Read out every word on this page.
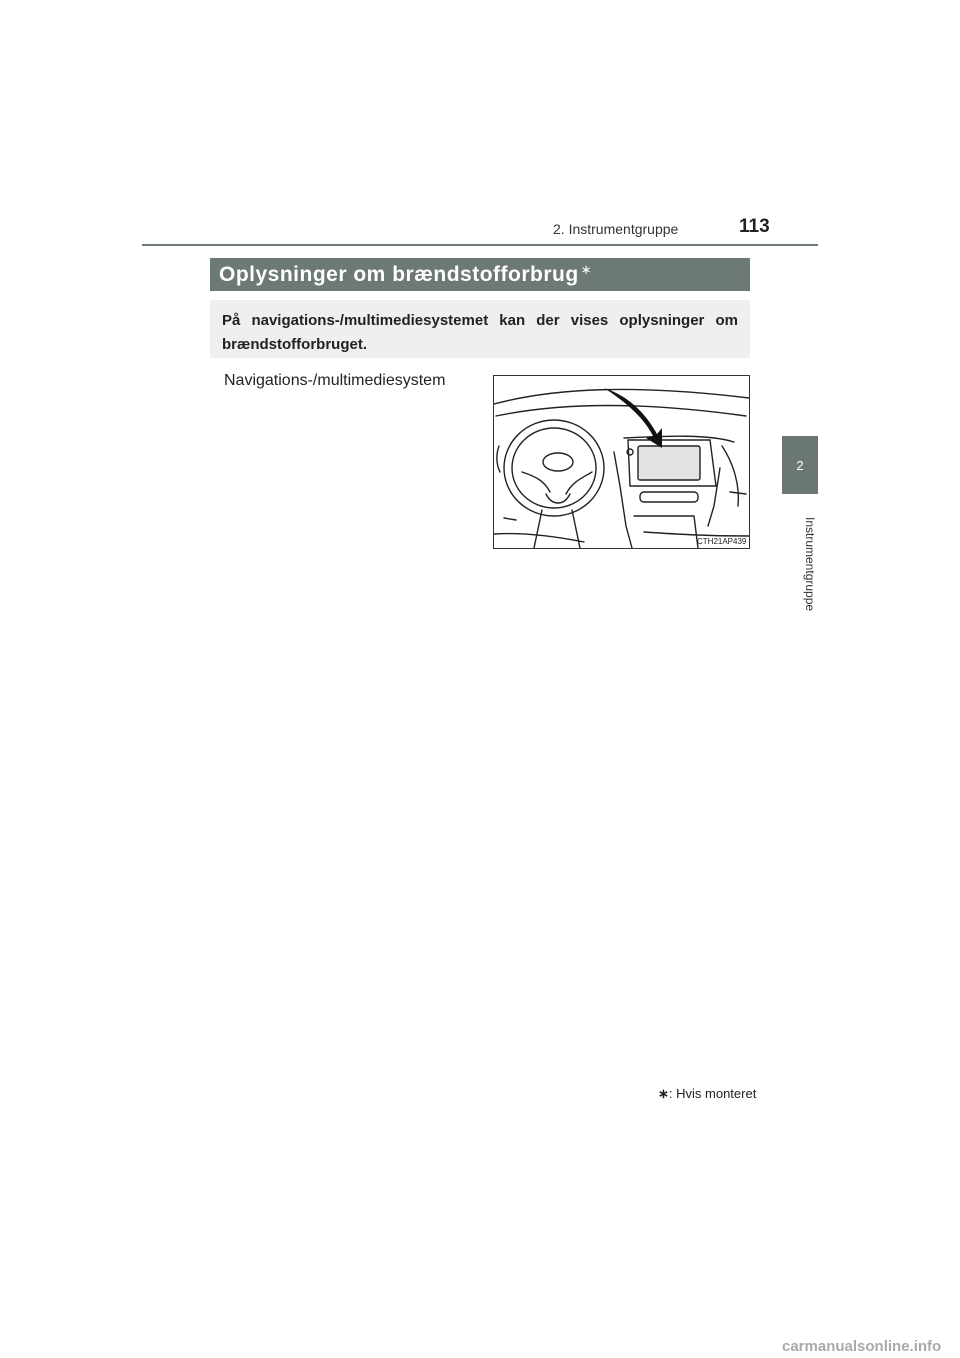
2. Instrumentgruppe	113
2
Instrumentgruppe
Oplysninger om brændstofforbrug ∗
På navigations-/multimediesystemet kan der vises oplysninger om brændstofforbruget.
Navigations-/multimediesystem
CTH21AP439
∗: Hvis monteret
carmanualsonline.info
